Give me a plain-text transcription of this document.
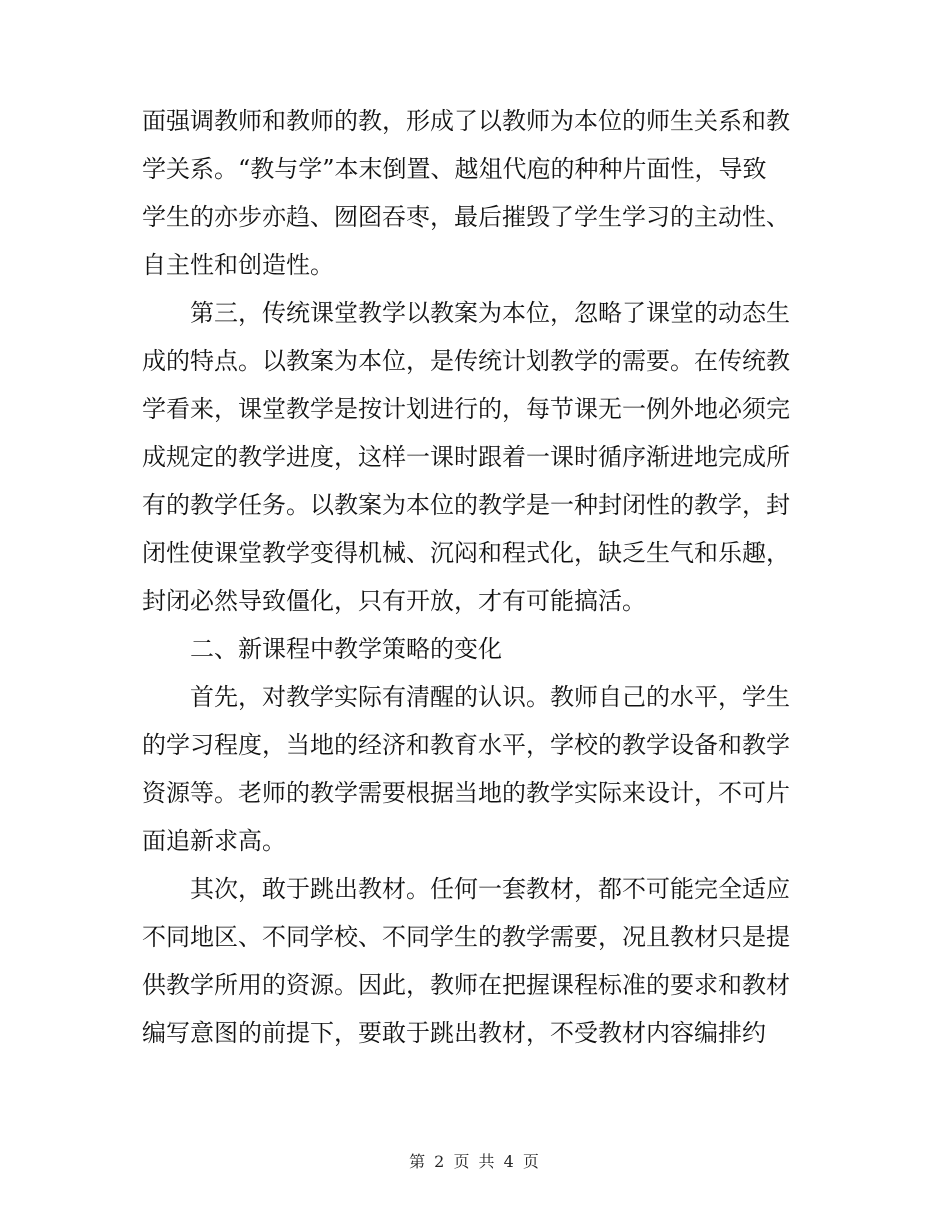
面强调教师和教师的教，形成了以教师为本位的师生关系和教
学关系。“教与学”本末倒置、越俎代庖的种种片面性，导致
学生的亦步亦趋、囫囵吞枣，最后摧毁了学生学习的主动性、
自主性和创造性。
第三，传统课堂教学以教案为本位，忽略了课堂的动态生
成的特点。以教案为本位，是传统计划教学的需要。在传统教
学看来，课堂教学是按计划进行的，每节课无一例外地必须完
成规定的教学进度，这样一课时跟着一课时循序渐进地完成所
有的教学任务。以教案为本位的教学是一种封闭性的教学，封
闭性使课堂教学变得机械、沉闷和程式化，缺乏生气和乐趣，
封闭必然导致僵化，只有开放，才有可能搞活。
二、新课程中教学策略的变化
首先，对教学实际有清醒的认识。教师自己的水平，学生
的学习程度，当地的经济和教育水平，学校的教学设备和教学
资源等。老师的教学需要根据当地的教学实际来设计，不可片
面追新求高。
其次，敢于跳出教材。任何一套教材，都不可能完全适应
不同地区、不同学校、不同学生的教学需要，况且教材只是提
供教学所用的资源。因此，教师在把握课程标准的要求和教材
编写意图的前提下，要敢于跳出教材，不受教材内容编排约
第 2 页 共 4 页
